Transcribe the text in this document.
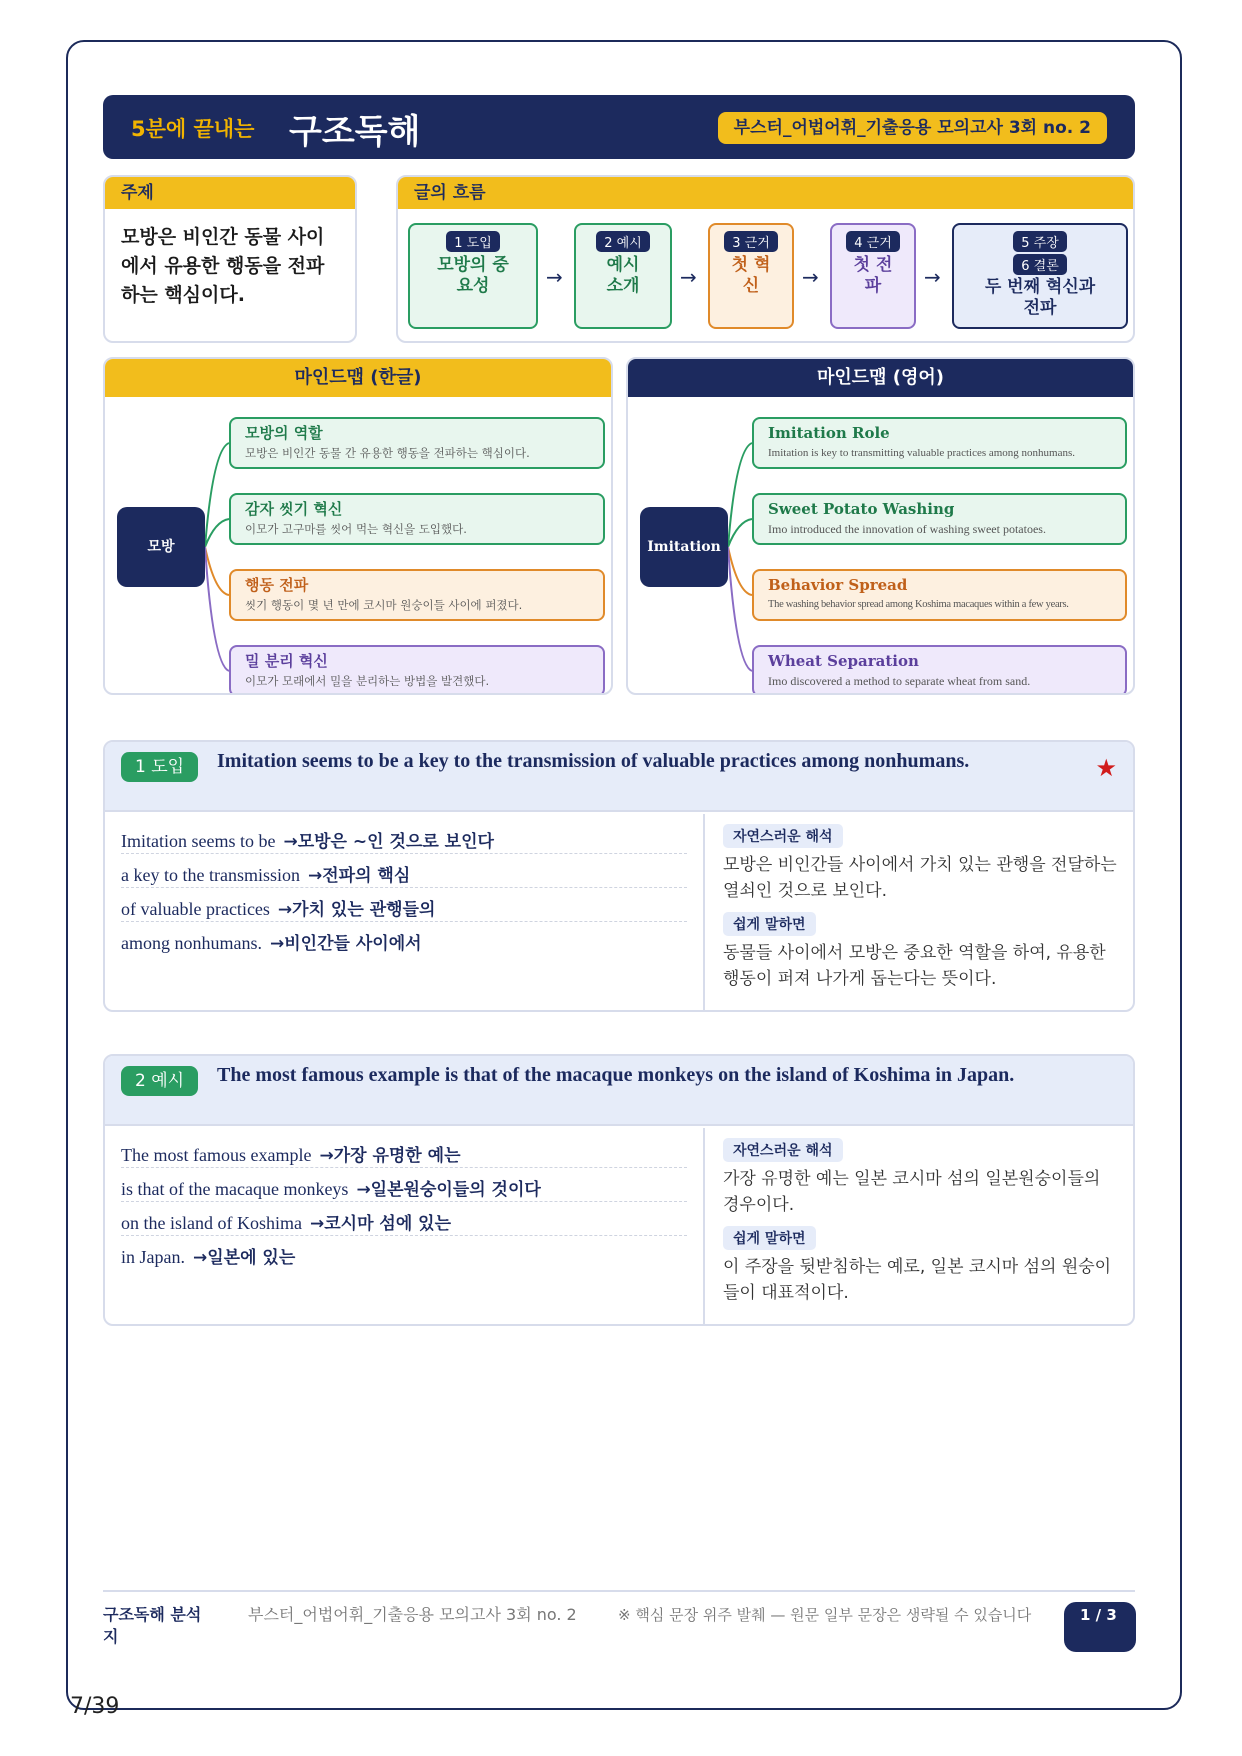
5분에 끝내는 구조독해	부스터_어법어휘_기출응용 모의고사 3회 no. 2
주제
모방은 비인간 동물 사이에서 유용한 행동을 전파하는 핵심이다.
글의 흐름
1 도입
모방의 중요성	→
2 예시
예시 소개	→
3 근거
첫 혁신	→
4 근거
첫 전파	→
5 주장
6 결론
두 번째 혁신과 전파
마인드맵 (한글)
모방
모방의 역할
모방은 비인간 동물 간 유용한 행동을 전파하는 핵심이다.
감자 씻기 혁신
이모가 고구마를 씻어 먹는 혁신을 도입했다.
행동 전파
씻기 행동이 몇 년 만에 코시마 원숭이들 사이에 퍼졌다.
밀 분리 혁신
이모가 모래에서 밀을 분리하는 방법을 발견했다.
마인드맵 (영어)
Imitation
Imitation Role
Imitation is key to transmitting valuable practices among nonhumans.
Sweet Potato Washing
Imo introduced the innovation of washing sweet potatoes.
Behavior Spread
The washing behavior spread among Koshima macaques within a few years.
Wheat Separation
Imo discovered a method to separate wheat from sand.
1 도입	Imitation seems to be a key to the transmission of valuable practices among nonhumans.	★
Imitation seems to be →모방은 ~인 것으로 보인다
a key to the transmission →전파의 핵심
of valuable practices →가치 있는 관행들의
among nonhumans. →비인간들 사이에서
자연스러운 해석
모방은 비인간들 사이에서 가치 있는 관행을 전달하는 열쇠인 것으로 보인다.
쉽게 말하면
동물들 사이에서 모방은 중요한 역할을 하여, 유용한 행동이 퍼져 나가게 돕는다는 뜻이다.
2 예시	The most famous example is that of the macaque monkeys on the island of Koshima in Japan.
The most famous example →가장 유명한 예는
is that of the macaque monkeys →일본원숭이들의 것이다
on the island of Koshima →코시마 섬에 있는
in Japan. →일본에 있는
자연스러운 해석
가장 유명한 예는 일본 코시마 섬의 일본원숭이들의 경우이다.
쉽게 말하면
이 주장을 뒷받침하는 예로, 일본 코시마 섬의 원숭이들이 대표적이다.
구조독해 분석지
부스터_어법어휘_기출응용 모의고사 3회 no. 2	※ 핵심 문장 위주 발췌 — 원문 일부 문장은 생략될 수 있습니다	1 / 3
7/39
